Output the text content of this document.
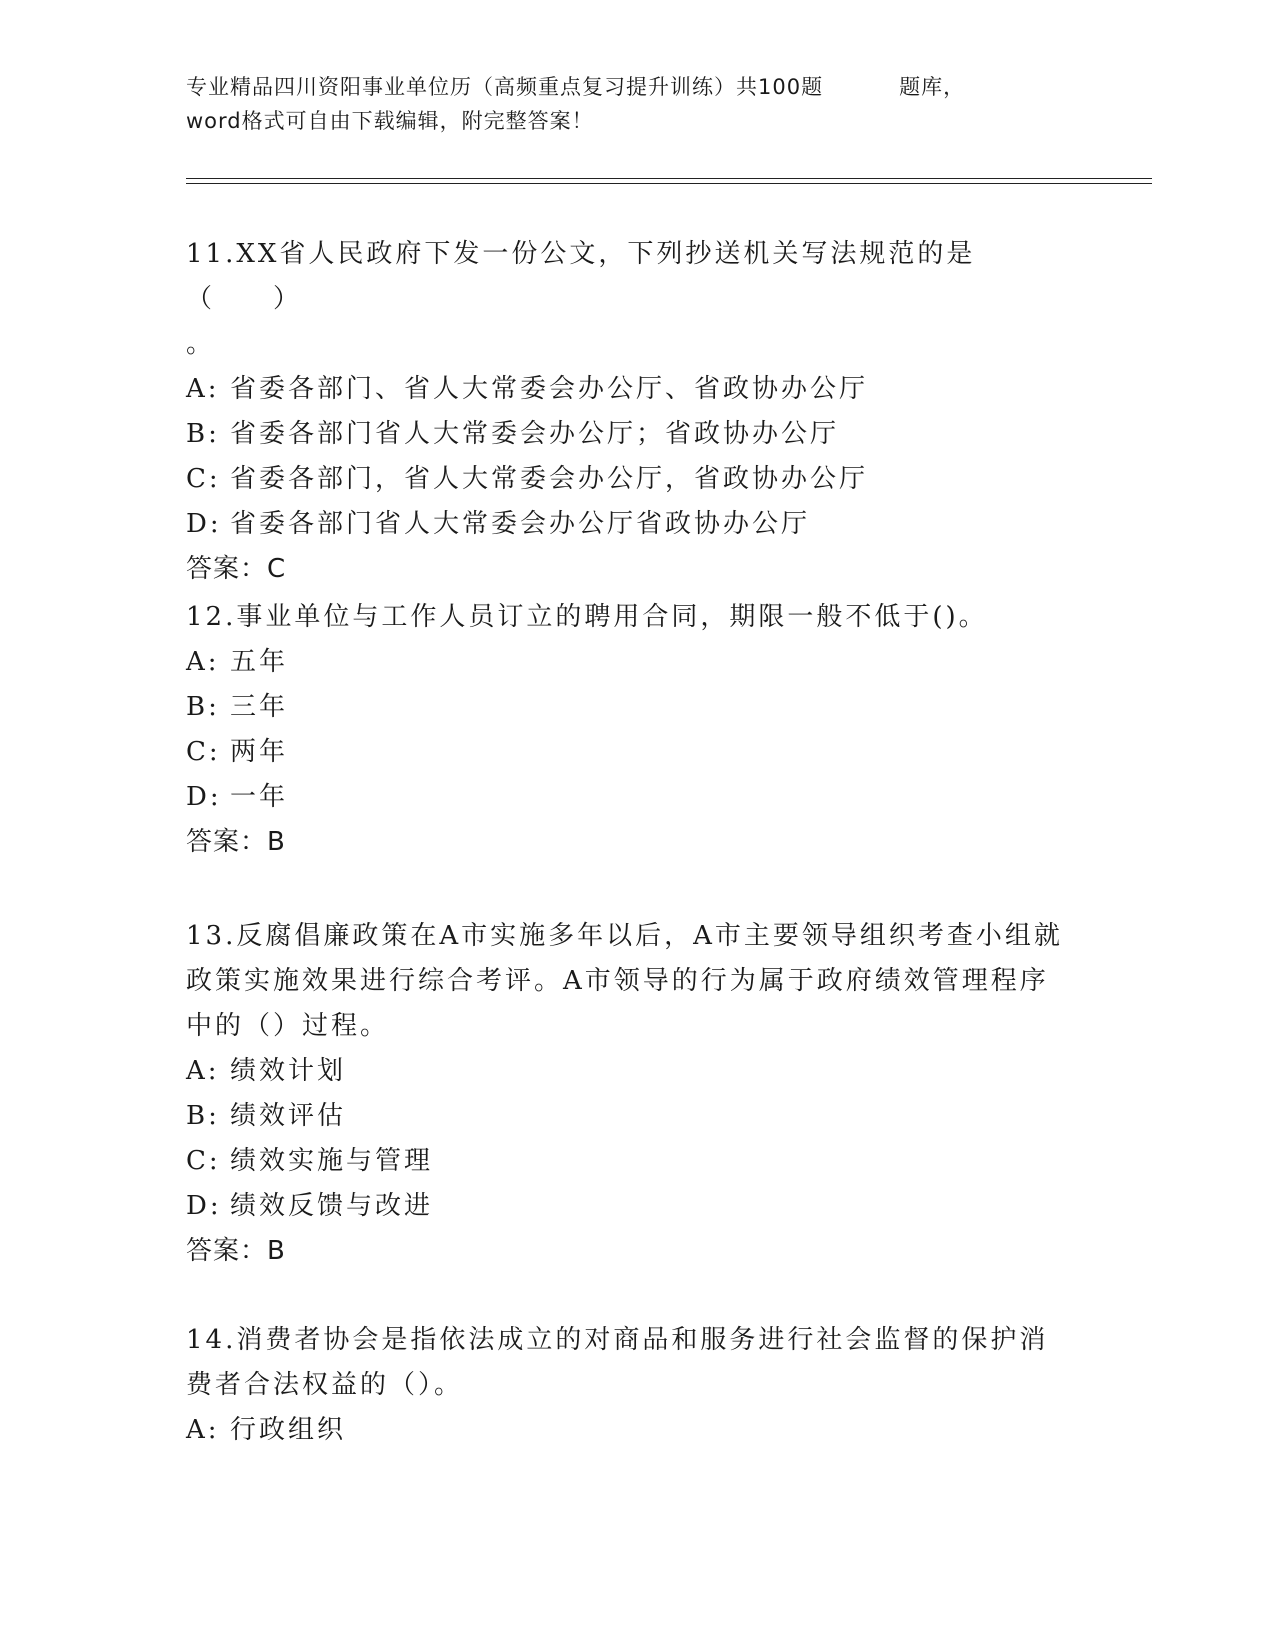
专业精品四川资阳事业单位历（高频重点复习提升训练）共100题	题库，
word格式可自由下载编辑，附完整答案！

11.XX省人民政府下发一份公文，下列抄送机关写法规范的是（　　）
。

A: 省委各部门、省人大常委会办公厅、省政协办公厅

B: 省委各部门省人大常委会办公厅；省政协办公厅

C: 省委各部门，省人大常委会办公厅，省政协办公厅

D: 省委各部门省人大常委会办公厅省政协办公厅

答案：C

12.事业单位与工作人员订立的聘用合同，期限一般不低于()。

A: 五年

B: 三年

C: 两年

D: 一年

答案：B

13.反腐倡廉政策在A市实施多年以后，A市主要领导组织考查小组就政策实施效果进行综合考评。A市领导的行为属于政府绩效管理程序中的（）过程。

A: 绩效计划

B: 绩效评估

C: 绩效实施与管理

D: 绩效反馈与改进

答案：B

14.消费者协会是指依法成立的对商品和服务进行社会监督的保护消费者合法权益的（）。

A: 行政组织
